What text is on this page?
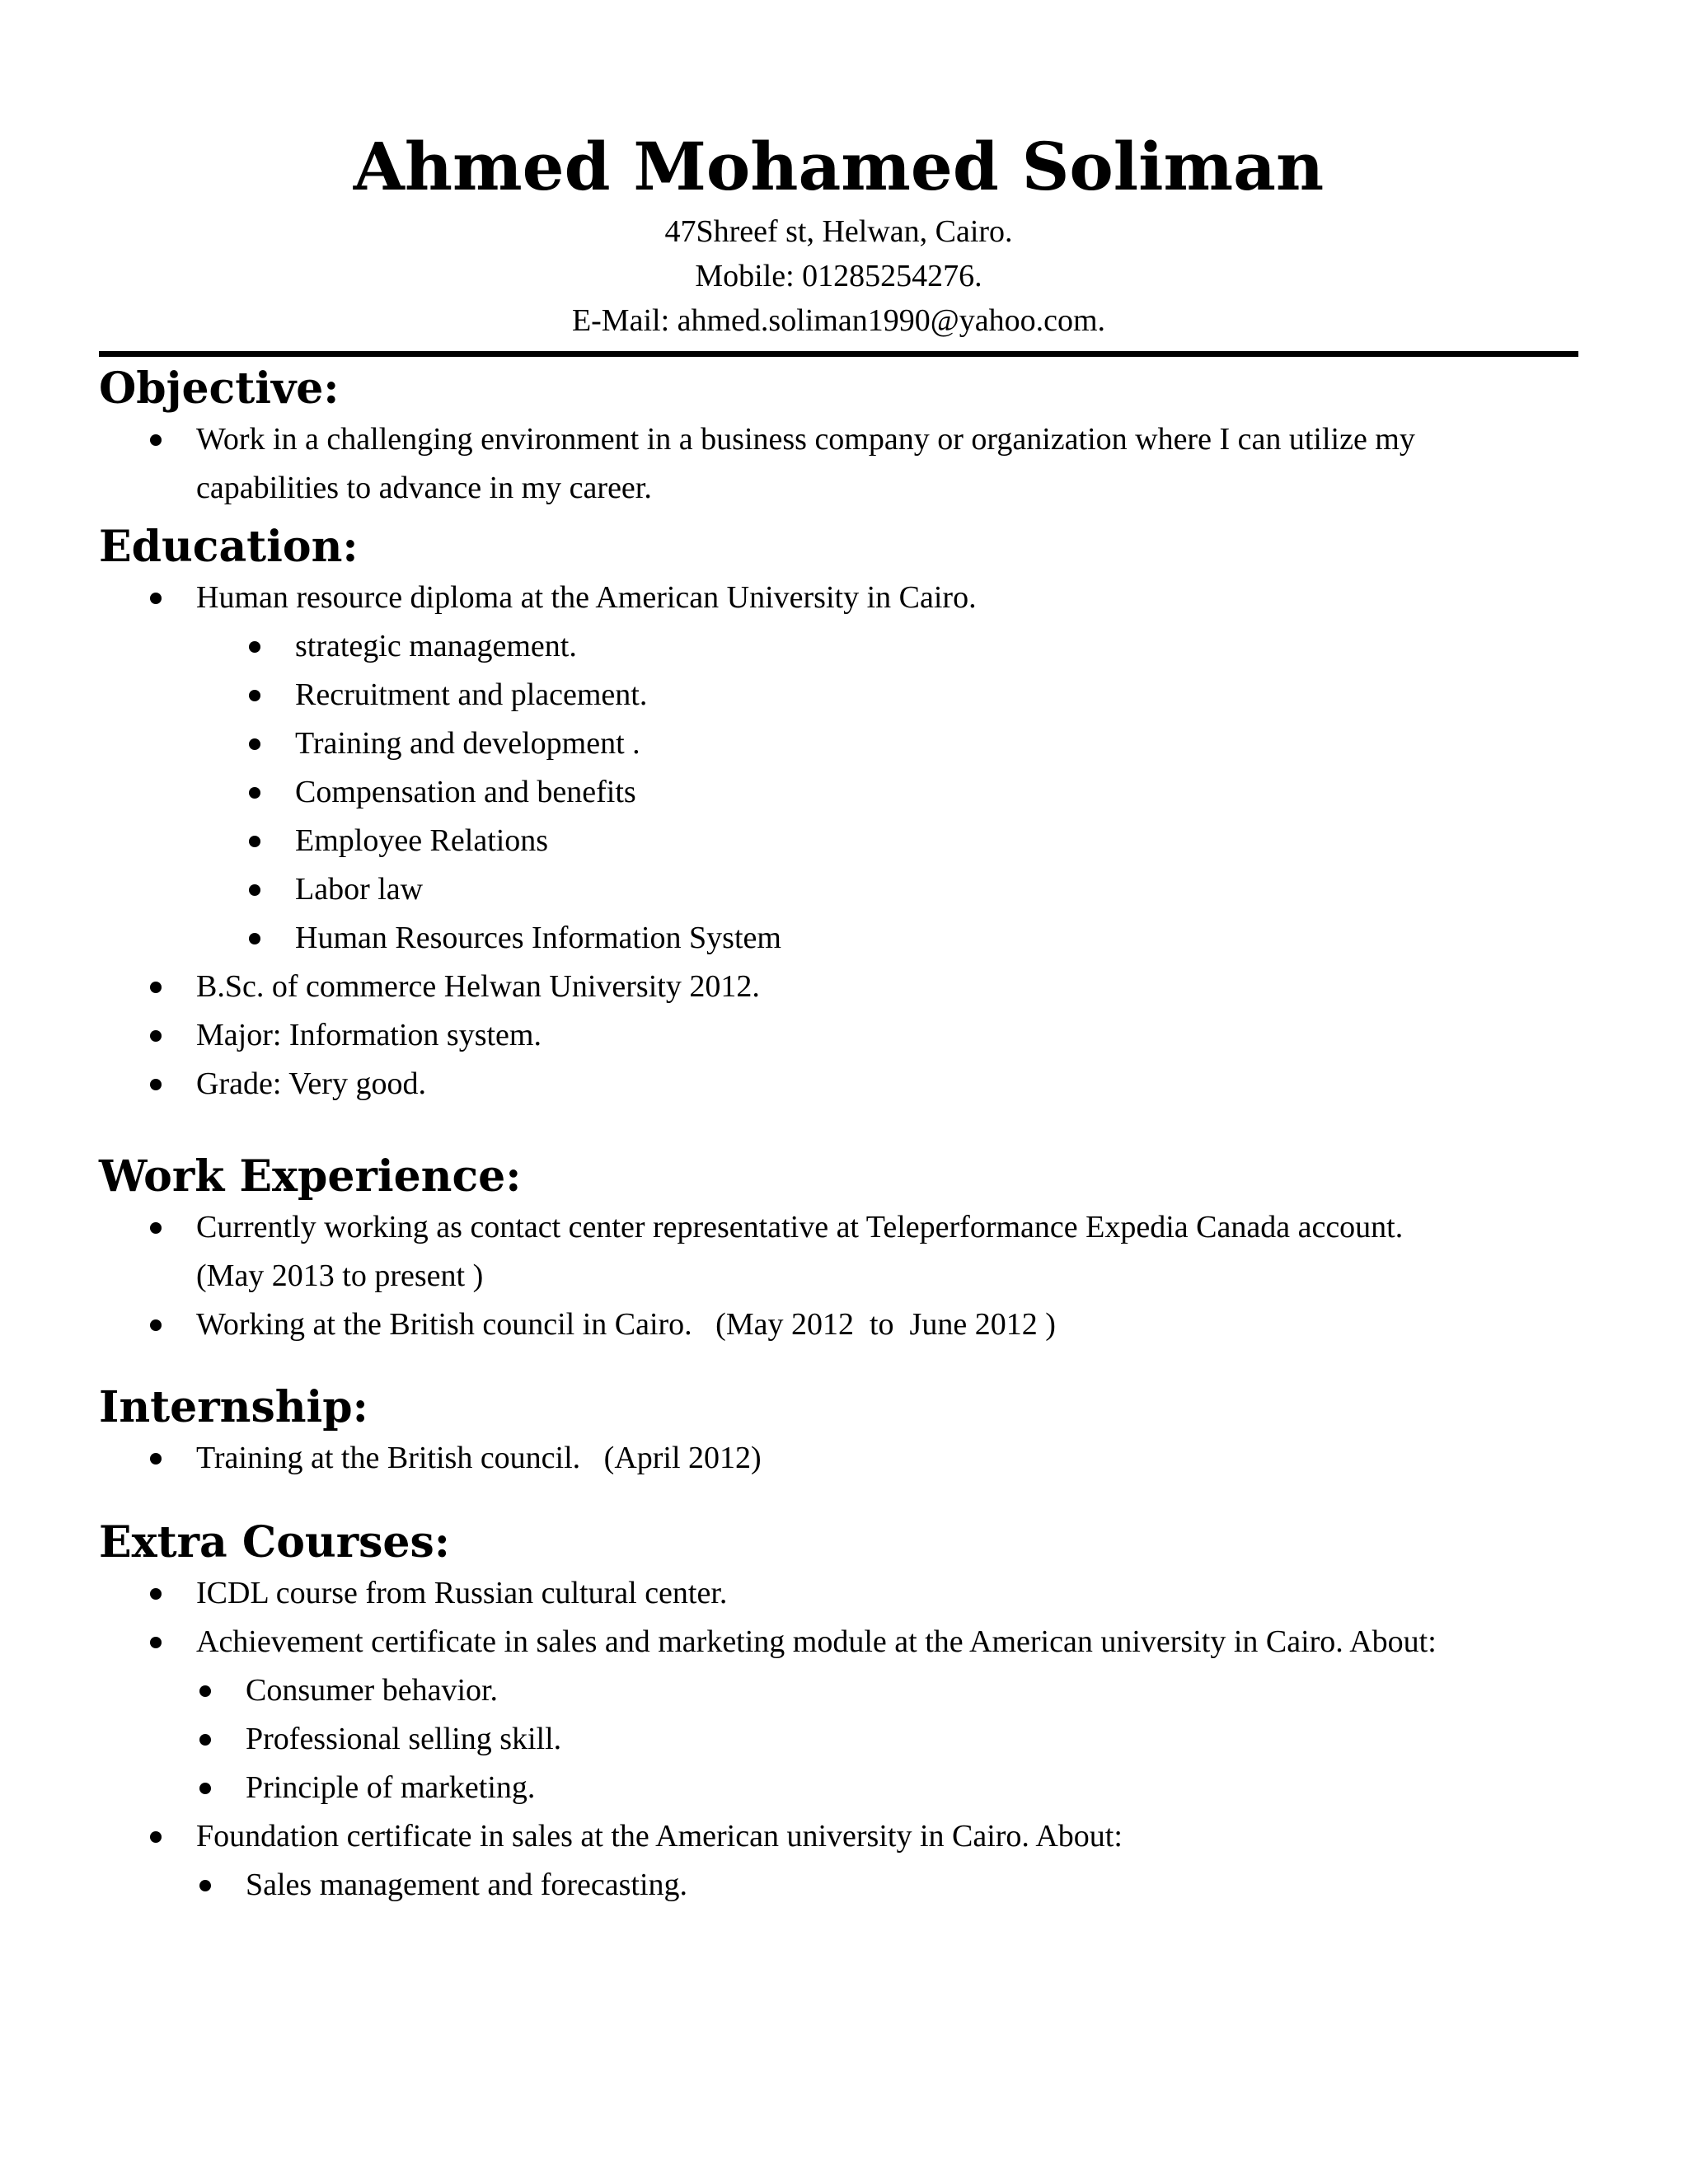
Ahmed Mohamed Soliman

47Shreef st, Helwan, Cairo.

Mobile: 01285254276.

E-Mail: ahmed.soliman1990@yahoo.com.

Objective:
Work in a challenging environment in a business company or organization where I can utilize my
capabilities to advance in my career.
Education:
Human resource diploma at the American University in Cairo.
strategic management.
Recruitment and placement.
Training and development .
Compensation and benefits
Employee Relations
Labor law
Human Resources Information System
B.Sc. of commerce Helwan University 2012.
Major: Information system.
Grade: Very good.
Work Experience:
Currently working as contact center representative at Teleperformance Expedia Canada account.
(May 2013 to present )
Working at the British council in Cairo.   (May 2012  to  June 2012 )
Internship:
Training at the British council.   (April 2012)
Extra Courses:
ICDL course from Russian cultural center.
Achievement certificate in sales and marketing module at the American university in Cairo. About:
Consumer behavior.
Professional selling skill.
Principle of marketing.
Foundation certificate in sales at the American university in Cairo. About:
Sales management and forecasting.
